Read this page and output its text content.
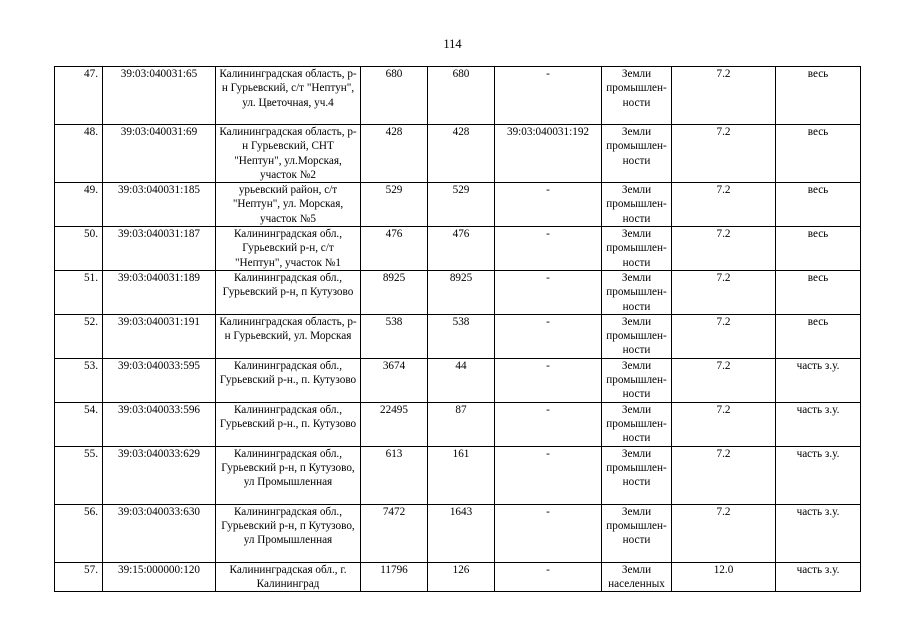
114
47.	39:03:040031:65	Калининградская область, р-н Гурьевский, с/т "Нептун", ул. Цветочная, уч.4	680	680	-	Земли промышлен-ности	7.2	весь
48.	39:03:040031:69	Калининградская область, р-н Гурьевский, СНТ "Нептун", ул.Морская, участок №2	428	428	39:03:040031:192	Земли промышлен-ности	7.2	весь
49.	39:03:040031:185	урьевский район, с/т "Нептун", ул. Морская, участок №5	529	529	-	Земли промышлен-ности	7.2	весь
50.	39:03:040031:187	Калининградская обл., Гурьевский р-н, с/т "Нептун", участок №1	476	476	-	Земли промышлен-ности	7.2	весь
51.	39:03:040031:189	Калининградская обл., Гурьевский р-н, п Кутузово	8925	8925	-	Земли промышлен-ности	7.2	весь
52.	39:03:040031:191	Калининградская область, р-н Гурьевский, ул. Морская	538	538	-	Земли промышлен-ности	7.2	весь
53.	39:03:040033:595	Калининградская обл., Гурьевский р-н., п. Кутузово	3674	44	-	Земли промышлен-ности	7.2	часть з.у.
54.	39:03:040033:596	Калининградская обл., Гурьевский р-н., п. Кутузово	22495	87	-	Земли промышлен-ности	7.2	часть з.у.
55.	39:03:040033:629	Калининградская обл., Гурьевский р-н, п Кутузово, ул Промышленная	613	161	-	Земли промышлен-ности	7.2	часть з.у.
56.	39:03:040033:630	Калининградская обл., Гурьевский р-н, п Кутузово, ул Промышленная	7472	1643	-	Земли промышлен-ности	7.2	часть з.у.
57.	39:15:000000:120	Калининградская обл., г. Калининград	11796	126	-	Земли населенных	12.0	часть з.у.
